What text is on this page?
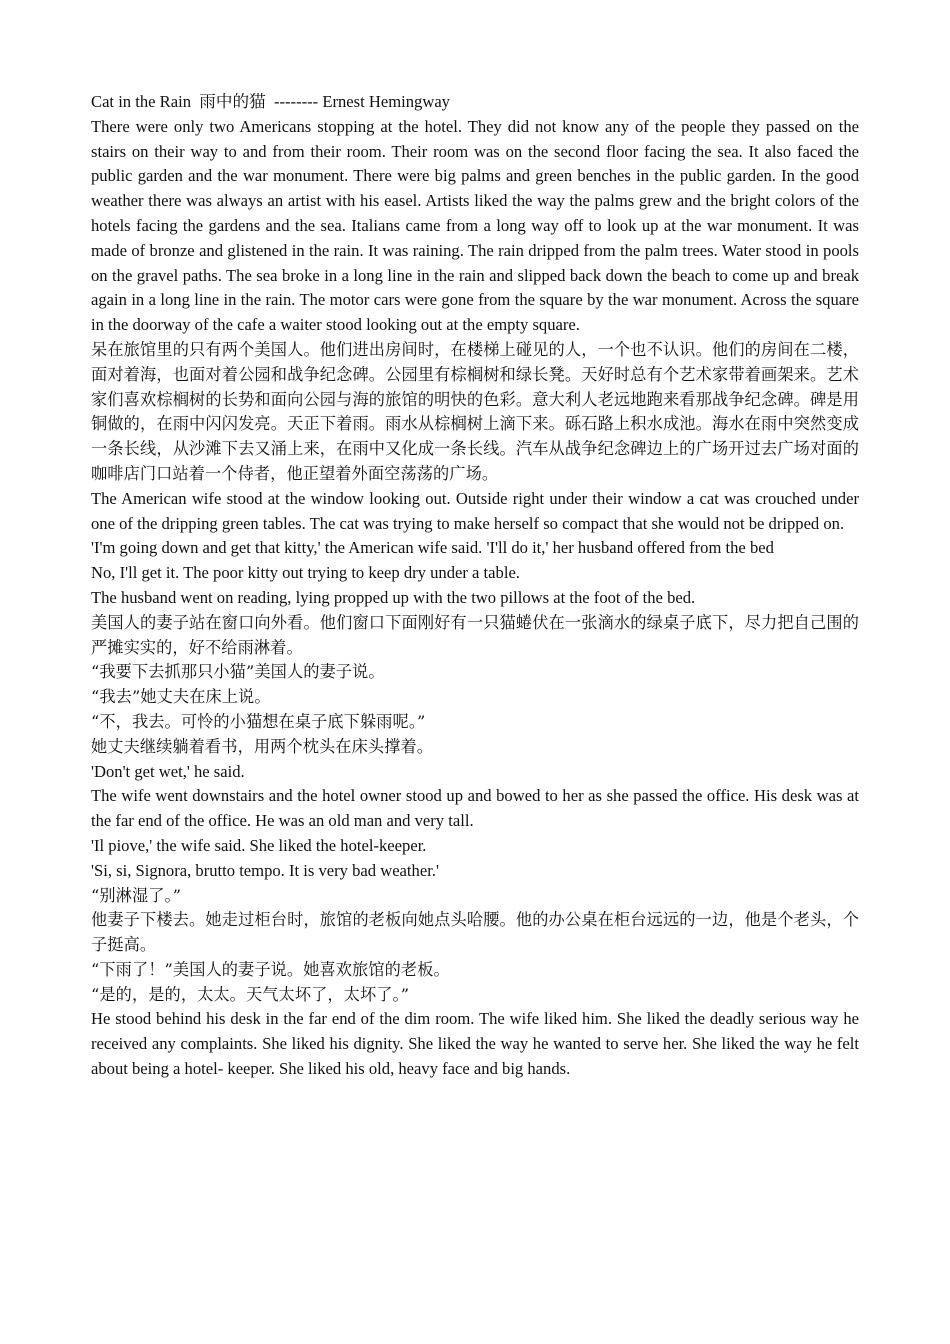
Cat in the Rain  雨中的猫  -------- Ernest Hemingway

There were only two Americans stopping at the hotel. They did not know any of the people they passed on the stairs on their way to and from their room. Their room was on the second floor facing the sea. It also faced the public garden and the war monument. There were big palms and green benches in the public garden. In the good weather there was always an artist with his easel. Artists liked the way the palms grew and the bright colors of the hotels facing the gardens and the sea. Italians came from a long way off to look up at the war monument. It was made of bronze and glistened in the rain. It was raining. The rain dripped from the palm trees. Water stood in pools on the gravel paths. The sea broke in a long line in the rain and slipped back down the beach to come up and break again in a long line in the rain. The motor cars were gone from the square by the war monument. Across the square in the doorway of the cafe a waiter stood looking out at the empty square.

呆在旅馆里的只有两个美国人。他们进出房间时，在楼梯上碰见的人，一个也不认识。他们的房间在二楼，面对着海，也面对着公园和战争纪念碑。公园里有棕榈树和绿长凳。天好时总有个艺术家带着画架来。艺术家们喜欢棕榈树的长势和面向公园与海的旅馆的明快的色彩。意大利人老远地跑来看那战争纪念碑。碑是用铜做的，在雨中闪闪发亮。天正下着雨。雨水从棕榈树上滴下来。砾石路上积水成池。海水在雨中突然变成一条长线，从沙滩下去又涌上来，在雨中又化成一条长线。汽车从战争纪念碑边上的广场开过去广场对面的咖啡店门口站着一个侍者，他正望着外面空荡荡的广场。

The American wife stood at the window looking out. Outside right under their window a cat was crouched under one of the dripping green tables. The cat was trying to make herself so compact that she would not be dripped on.

'I'm going down and get that kitty,' the American wife said. 'I'll do it,' her husband offered from the bed

No, I'll get it. The poor kitty out trying to keep dry under a table.

The husband went on reading, lying propped up with the two pillows at the foot of the bed.

美国人的妻子站在窗口向外看。他们窗口下面刚好有一只猫蜷伏在一张滴水的绿桌子底下，尽力把自己围的严摊实实的，好不给雨淋着。

“我要下去抓那只小猫”美国人的妻子说。

“我去”她丈夫在床上说。

“不，我去。可怜的小猫想在桌子底下躲雨呢。”

她丈夫继续躺着看书，用两个枕头在床头撑着。

'Don't get wet,' he said.

The wife went downstairs and the hotel owner stood up and bowed to her as she passed the office. His desk was at the far end of the office. He was an old man and very tall.

'Il piove,' the wife said. She liked the hotel-keeper.

'Si, si, Signora, brutto tempo. It is very bad weather.'

“别淋湿了。”

他妻子下楼去。她走过柜台时，旅馆的老板向她点头哈腰。他的办公桌在柜台远远的一边，他是个老头，个子挺高。

“下雨了！”美国人的妻子说。她喜欢旅馆的老板。

“是的，是的，太太。天气太坏了，太坏了。”

He stood behind his desk in the far end of the dim room. The wife liked him. She liked the deadly serious way he received any complaints. She liked his dignity. She liked the way he wanted to serve her. She liked the way he felt about being a hotel- keeper. She liked his old, heavy face and big hands.
